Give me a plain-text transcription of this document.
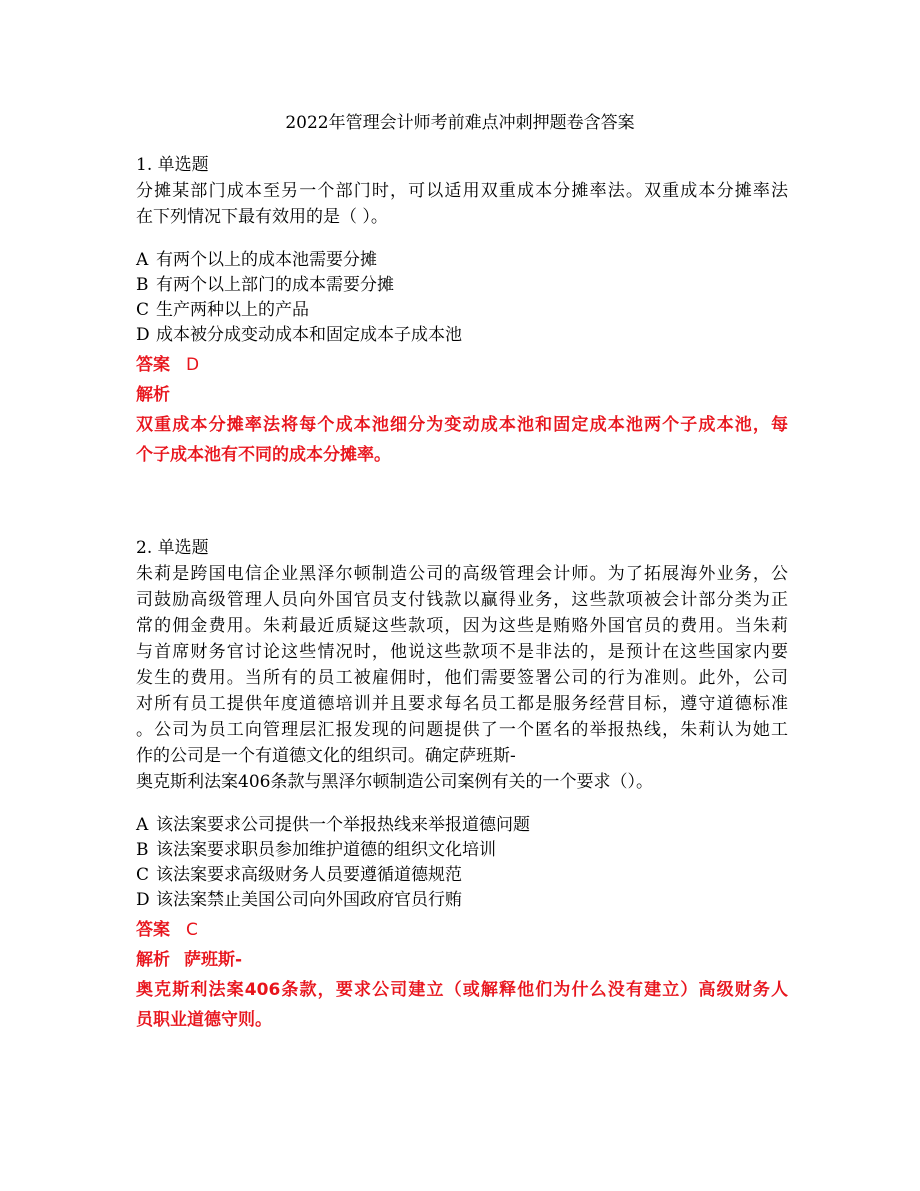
2022年管理会计师考前难点冲刺押题卷含答案
1. 单选题
分摊某部门成本至另一个部门时，可以适用双重成本分摊率法。双重成本分摊率法
在下列情况下最有效用的是（ ）。
A 有两个以上的成本池需要分摊
B 有两个以上部门的成本需要分摊
C 生产两种以上的产品
D 成本被分成变动成本和固定成本子成本池
答案 D
解析
双重成本分摊率法将每个成本池细分为变动成本池和固定成本池两个子成本池，每
个子成本池有不同的成本分摊率。
2. 单选题
朱莉是跨国电信企业黑泽尔顿制造公司的高级管理会计师。为了拓展海外业务，公
司鼓励高级管理人员向外国官员支付钱款以赢得业务，这些款项被会计部分类为正
常的佣金费用。朱莉最近质疑这些款项，因为这些是贿赂外国官员的费用。当朱莉
与首席财务官讨论这些情况时，他说这些款项不是非法的，是预计在这些国家内要
发生的费用。当所有的员工被雇佣时，他们需要签署公司的行为准则。此外，公司
对所有员工提供年度道德培训并且要求每名员工都是服务经营目标，遵守道德标准
。公司为员工向管理层汇报发现的问题提供了一个匿名的举报热线，朱莉认为她工
作的公司是一个有道德文化的组织司。确定萨班斯-
奥克斯利法案406条款与黑泽尔顿制造公司案例有关的一个要求（）。
A 该法案要求公司提供一个举报热线来举报道德问题
B 该法案要求职员参加维护道德的组织文化培训
C 该法案要求高级财务人员要遵循道德规范
D 该法案禁止美国公司向外国政府官员行贿
答案 C
解析 萨班斯-
奥克斯利法案406条款，要求公司建立（或解释他们为什么没有建立）高级财务人
员职业道德守则。
